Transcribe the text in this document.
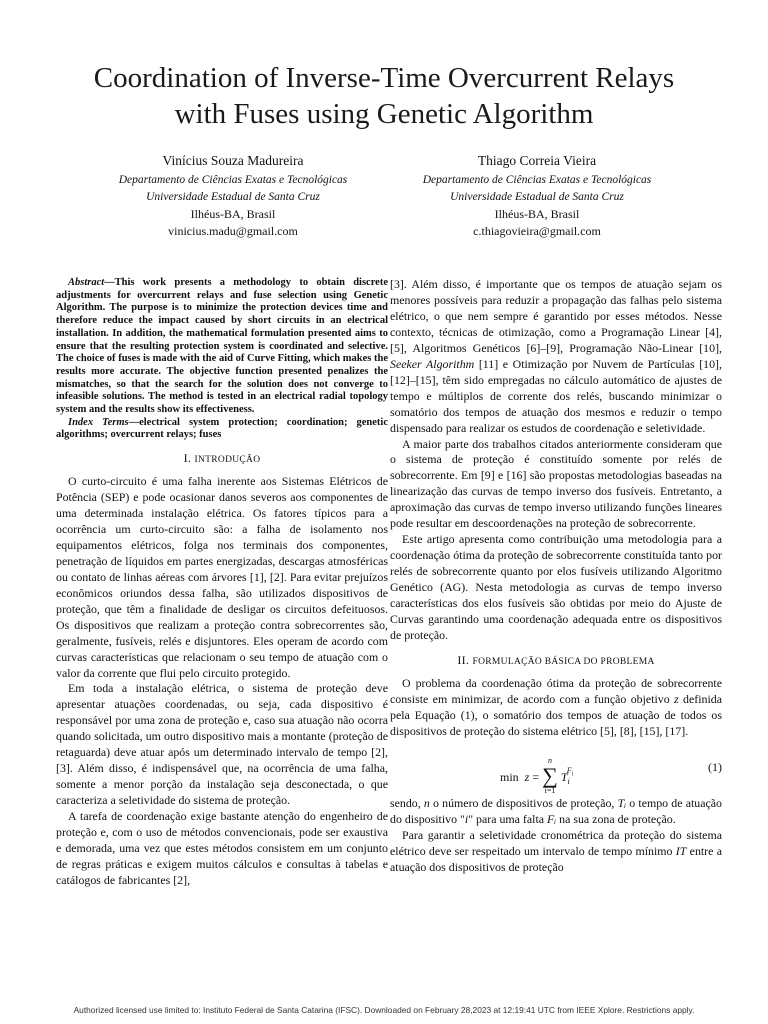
Coordination of Inverse-Time Overcurrent Relays
with Fuses using Genetic Algorithm
Vinícius Souza Madureira
Departamento de Ciências Exatas e Tecnológicas
Universidade Estadual de Santa Cruz
Ilhéus-BA, Brasil
vinicius.madu@gmail.com
Thiago Correia Vieira
Departamento de Ciências Exatas e Tecnológicas
Universidade Estadual de Santa Cruz
Ilhéus-BA, Brasil
c.thiagovieira@gmail.com

Abstract—This work presents a methodology to obtain discrete adjustments for overcurrent relays and fuse selection using Genetic Algorithm. The purpose is to minimize the protection devices time and therefore reduce the impact caused by short circuits in an electrical installation. In addition, the mathematical formulation presented aims to ensure that the resulting protection system is coordinated and selective. The choice of fuses is made with the aid of Curve Fitting, which makes the results more accurate. The objective function presented penalizes the mismatches, so that the search for the solution does not converge to infeasible solutions. The method is tested in an electrical radial topology system and the results show its effectiveness.

Index Terms—electrical system protection; coordination; genetic algorithms; overcurrent relays; fuses

I. INTRODUÇÃO

O curto-circuito é uma falha inerente aos Sistemas Elétricos de Potência (SEP) e pode ocasionar danos severos aos componentes de uma determinada instalação elétrica. Os fatores típicos para a ocorrência um curto-circuito são: a falha de isolamento nos equipamentos elétricos, folga nos terminais dos componentes, penetração de líquidos em partes energizadas, descargas atmosféricas ou contato de linhas aéreas com árvores [1], [2]. Para evitar prejuízos econômicos oriundos dessa falha, são utilizados dispositivos de proteção, que têm a finalidade de desligar os circuitos defeituosos. Os dispositivos que realizam a proteção contra sobrecorrentes são, geralmente, fusíveis, relés e disjuntores. Eles operam de acordo com curvas características que relacionam o seu tempo de atuação com o valor da corrente que flui pelo circuito protegido.

Em toda a instalação elétrica, o sistema de proteção deve apresentar atuações coordenadas, ou seja, cada dispositivo é responsável por uma zona de proteção e, caso sua atuação não ocorra quando solicitada, um outro dispositivo mais a montante (proteção de retaguarda) deve atuar após um determinado intervalo de tempo [2], [3]. Além disso, é indispensável que, na ocorrência de uma falha, somente a menor porção da instalação seja desconectada, o que caracteriza a seletividade do sistema de proteção.

A tarefa de coordenação exige bastante atenção do engenheiro de proteção e, com o uso de métodos convencionais, pode ser exaustiva e demorada, uma vez que estes métodos consistem em um conjunto de regras práticas e exigem muitos cálculos e consultas à tabelas e catálogos de fabricantes [2],

[3]. Além disso, é importante que os tempos de atuação sejam os menores possíveis para reduzir a propagação das falhas pelo sistema elétrico, o que nem sempre é garantido por esses métodos. Nesse contexto, técnicas de otimização, como a Programação Linear [4], [5], Algoritmos Genéticos [6]–[9], Programação Não-Linear [10], Seeker Algorithm [11] e Otimização por Nuvem de Partículas [10], [12]–[15], têm sido empregadas no cálculo automático de ajustes de tempo e múltiplos de corrente dos relés, buscando minimizar o somatório dos tempos de atuação dos mesmos e reduzir o tempo dispensado para realizar os estudos de coordenação e seletividade.

A maior parte dos trabalhos citados anteriormente consideram que o sistema de proteção é constituído somente por relés de sobrecorrente. Em [9] e [16] são propostas metodologias baseadas na linearização das curvas de tempo inverso dos fusíveis. Entretanto, a aproximação das curvas de tempo inverso utilizando funções lineares pode resultar em descoordenações na proteção de sobrecorrente.

Este artigo apresenta como contribuição uma metodologia para a coordenação ótima da proteção de sobrecorrente constituída tanto por relés de sobrecorrente quanto por elos fusíveis utilizando Algoritmo Genético (AG). Nesta metodologia as curvas de tempo inverso características dos elos fusíveis são obtidas por meio do Ajuste de Curvas garantindo uma coordenação adequada entre os dispositivos de proteção.

II. FORMULAÇÃO BÁSICA DO PROBLEMA

O problema da coordenação ótima da proteção de sobrecorrente consiste em minimizar, de acordo com a função objetivo z definida pela Equação (1), o somatório dos tempos de atuação de todos os dispositivos de proteção do sistema elétrico [5], [8], [15], [17].

min z =
n
∑
i=1
$T_i^{F_i}$
(1)

sendo, n o número de dispositivos de proteção, Tᵢ o tempo de atuação do dispositivo "i" para uma falta Fᵢ na sua zona de proteção.

Para garantir a seletividade cronométrica da proteção do sistema elétrico deve ser respeitado um intervalo de tempo mínimo IT entre a atuação dos dispositivos de proteção

Authorized licensed use limited to: Instituto Federal de Santa Catarina (IFSC). Downloaded on February 28,2023 at 12:19:41 UTC from IEEE Xplore. Restrictions apply.
